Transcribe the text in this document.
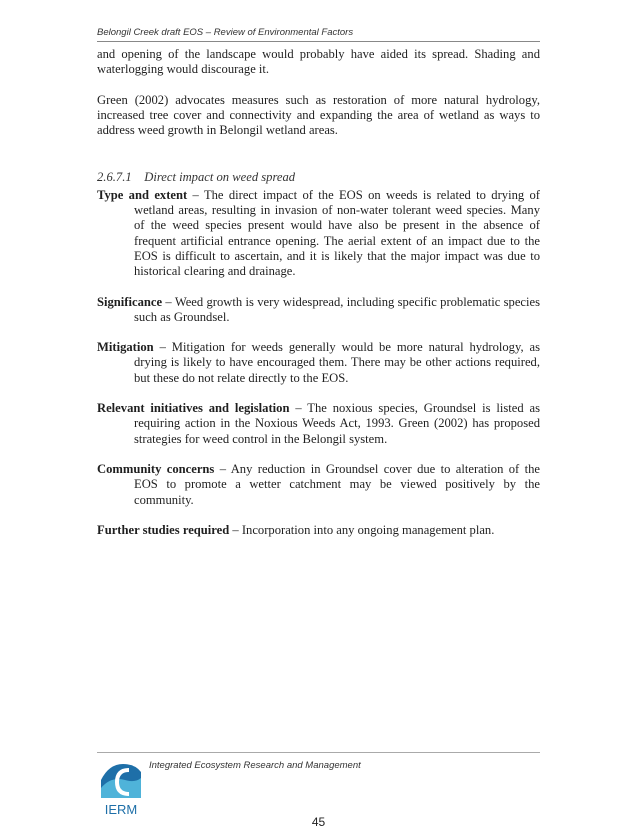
Belongil Creek draft EOS – Review of Environmental Factors

and opening of the landscape would probably have aided its spread. Shading and waterlogging would discourage it.

Green (2002) advocates measures such as restoration of more natural hydrology, increased tree cover and connectivity and expanding the area of wetland as ways to address weed growth in Belongil wetland areas.

2.6.7.1 Direct impact on weed spread

Type and extent – The direct impact of the EOS on weeds is related to drying of wetland areas, resulting in invasion of non-water tolerant weed species. Many of the weed species present would have also be present in the absence of frequent artificial entrance opening. The aerial extent of an impact due to the EOS is difficult to ascertain, and it is likely that the major impact was due to historical clearing and drainage.

Significance – Weed growth is very widespread, including specific problematic species such as Groundsel.

Mitigation – Mitigation for weeds generally would be more natural hydrology, as drying is likely to have encouraged them. There may be other actions required, but these do not relate directly to the EOS.

Relevant initiatives and legislation – The noxious species, Groundsel is listed as requiring action in the Noxious Weeds Act, 1993. Green (2002) has proposed strategies for weed control in the Belongil system.

Community concerns – Any reduction in Groundsel cover due to alteration of the EOS to promote a wetter catchment may be viewed positively by the community.

Further studies required – Incorporation into any ongoing management plan.

IERM
Integrated Ecosystem Research and Management
45
